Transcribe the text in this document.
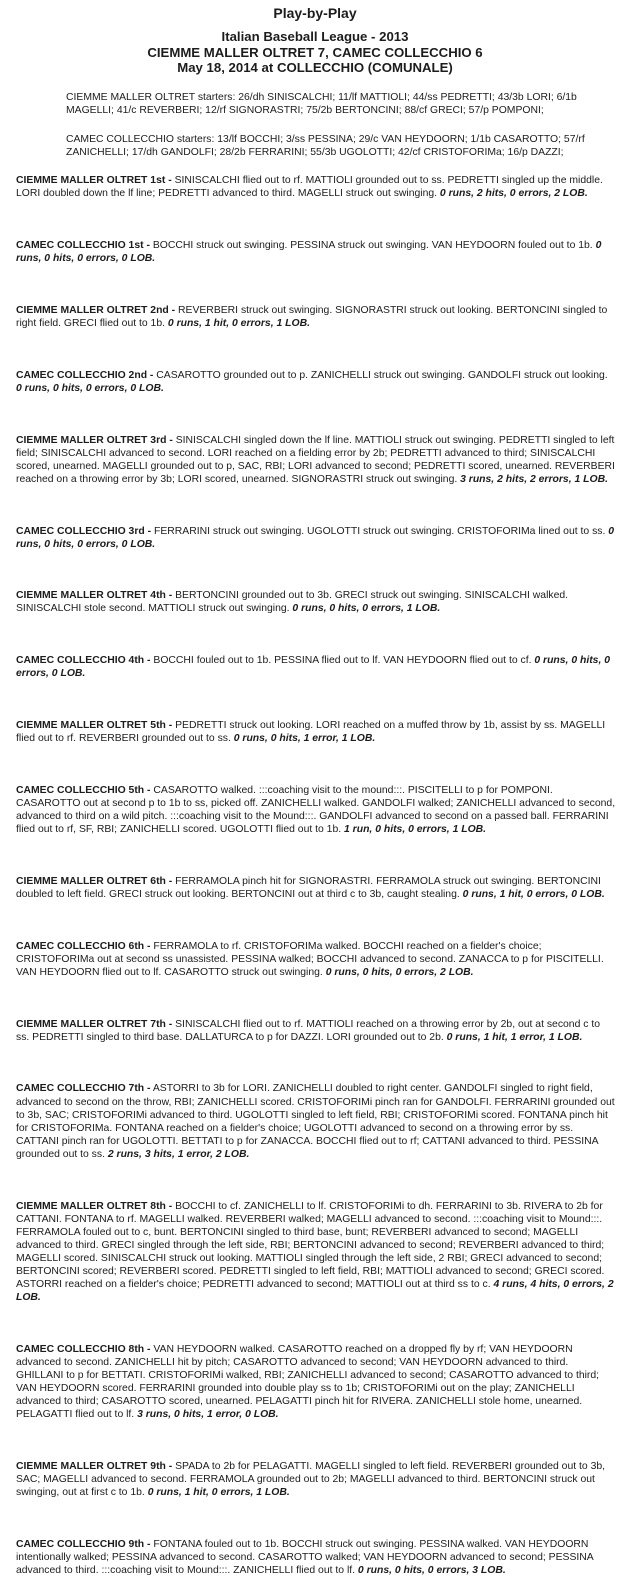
Play-by-Play
Italian Baseball League - 2013
CIEMME MALLER OLTRET 7, CAMEC COLLECCHIO 6
May 18, 2014 at COLLECCHIO (COMUNALE)
CIEMME MALLER OLTRET starters: 26/dh SINISCALCHI; 11/lf MATTIOLI; 44/ss PEDRETTI; 43/3b LORI; 6/1b MAGELLI; 41/c REVERBERI; 12/rf SIGNORASTRI; 75/2b BERTONCINI; 88/cf GRECI; 57/p POMPONI;
CAMEC COLLECCHIO starters: 13/lf BOCCHI; 3/ss PESSINA; 29/c VAN HEYDOORN; 1/1b CASAROTTO; 57/rf ZANICHELLI; 17/dh GANDOLFI; 28/2b FERRARINI; 55/3b UGOLOTTI; 42/cf CRISTOFORIMa; 16/p DAZZI;
CIEMME MALLER OLTRET 1st - SINISCALCHI flied out to rf. MATTIOLI grounded out to ss. PEDRETTI singled up the middle. LORI doubled down the lf line; PEDRETTI advanced to third. MAGELLI struck out swinging. 0 runs, 2 hits, 0 errors, 2 LOB.
CAMEC COLLECCHIO 1st - BOCCHI struck out swinging. PESSINA struck out swinging. VAN HEYDOORN fouled out to 1b. 0 runs, 0 hits, 0 errors, 0 LOB.
CIEMME MALLER OLTRET 2nd - REVERBERI struck out swinging. SIGNORASTRI struck out looking. BERTONCINI singled to right field. GRECI flied out to 1b. 0 runs, 1 hit, 0 errors, 1 LOB.
CAMEC COLLECCHIO 2nd - CASAROTTO grounded out to p. ZANICHELLI struck out swinging. GANDOLFI struck out looking. 0 runs, 0 hits, 0 errors, 0 LOB.
CIEMME MALLER OLTRET 3rd - SINISCALCHI singled down the lf line. MATTIOLI struck out swinging. PEDRETTI singled to left field; SINISCALCHI advanced to second. LORI reached on a fielding error by 2b; PEDRETTI advanced to third; SINISCALCHI scored, unearned. MAGELLI grounded out to p, SAC, RBI; LORI advanced to second; PEDRETTI scored, unearned. REVERBERI reached on a throwing error by 3b; LORI scored, unearned. SIGNORASTRI struck out swinging. 3 runs, 2 hits, 2 errors, 1 LOB.
CAMEC COLLECCHIO 3rd - FERRARINI struck out swinging. UGOLOTTI struck out swinging. CRISTOFORIMa lined out to ss. 0 runs, 0 hits, 0 errors, 0 LOB.
CIEMME MALLER OLTRET 4th - BERTONCINI grounded out to 3b. GRECI struck out swinging. SINISCALCHI walked. SINISCALCHI stole second. MATTIOLI struck out swinging. 0 runs, 0 hits, 0 errors, 1 LOB.
CAMEC COLLECCHIO 4th - BOCCHI fouled out to 1b. PESSINA flied out to lf. VAN HEYDOORN flied out to cf. 0 runs, 0 hits, 0 errors, 0 LOB.
CIEMME MALLER OLTRET 5th - PEDRETTI struck out looking. LORI reached on a muffed throw by 1b, assist by ss. MAGELLI flied out to rf. REVERBERI grounded out to ss. 0 runs, 0 hits, 1 error, 1 LOB.
CAMEC COLLECCHIO 5th - CASAROTTO walked. :::coaching visit to the mound:::. PISCITELLI to p for POMPONI. CASAROTTO out at second p to 1b to ss, picked off. ZANICHELLI walked. GANDOLFI walked; ZANICHELLI advanced to second, advanced to third on a wild pitch. :::coaching visit to the Mound:::. GANDOLFI advanced to second on a passed ball. FERRARINI flied out to rf, SF, RBI; ZANICHELLI scored. UGOLOTTI flied out to 1b. 1 run, 0 hits, 0 errors, 1 LOB.
CIEMME MALLER OLTRET 6th - FERRAMOLA pinch hit for SIGNORASTRI. FERRAMOLA struck out swinging. BERTONCINI doubled to left field. GRECI struck out looking. BERTONCINI out at third c to 3b, caught stealing. 0 runs, 1 hit, 0 errors, 0 LOB.
CAMEC COLLECCHIO 6th - FERRAMOLA to rf. CRISTOFORIMa walked. BOCCHI reached on a fielder's choice; CRISTOFORIMa out at second ss unassisted. PESSINA walked; BOCCHI advanced to second. ZANACCA to p for PISCITELLI. VAN HEYDOORN flied out to lf. CASAROTTO struck out swinging. 0 runs, 0 hits, 0 errors, 2 LOB.
CIEMME MALLER OLTRET 7th - SINISCALCHI flied out to rf. MATTIOLI reached on a throwing error by 2b, out at second c to ss. PEDRETTI singled to third base. DALLATURCA to p for DAZZI. LORI grounded out to 2b. 0 runs, 1 hit, 1 error, 1 LOB.
CAMEC COLLECCHIO 7th - ASTORRI to 3b for LORI. ZANICHELLI doubled to right center. GANDOLFI singled to right field, advanced to second on the throw, RBI; ZANICHELLI scored. CRISTOFORIMi pinch ran for GANDOLFI. FERRARINI grounded out to 3b, SAC; CRISTOFORIMi advanced to third. UGOLOTTI singled to left field, RBI; CRISTOFORIMi scored. FONTANA pinch hit for CRISTOFORIMa. FONTANA reached on a fielder's choice; UGOLOTTI advanced to second on a throwing error by ss. CATTANI pinch ran for UGOLOTTI. BETTATI to p for ZANACCA. BOCCHI flied out to rf; CATTANI advanced to third. PESSINA grounded out to ss. 2 runs, 3 hits, 1 error, 2 LOB.
CIEMME MALLER OLTRET 8th - BOCCHI to cf. ZANICHELLI to lf. CRISTOFORIMi to dh. FERRARINI to 3b. RIVERA to 2b for CATTANI. FONTANA to rf. MAGELLI walked. REVERBERI walked; MAGELLI advanced to second. :::coaching visit to Mound:::. FERRAMOLA fouled out to c, bunt. BERTONCINI singled to third base, bunt; REVERBERI advanced to second; MAGELLI advanced to third. GRECI singled through the left side, RBI; BERTONCINI advanced to second; REVERBERI advanced to third; MAGELLI scored. SINISCALCHI struck out looking. MATTIOLI singled through the left side, 2 RBI; GRECI advanced to second; BERTONCINI scored; REVERBERI scored. PEDRETTI singled to left field, RBI; MATTIOLI advanced to second; GRECI scored. ASTORRI reached on a fielder's choice; PEDRETTI advanced to second; MATTIOLI out at third ss to c. 4 runs, 4 hits, 0 errors, 2 LOB.
CAMEC COLLECCHIO 8th - VAN HEYDOORN walked. CASAROTTO reached on a dropped fly by rf; VAN HEYDOORN advanced to second. ZANICHELLI hit by pitch; CASAROTTO advanced to second; VAN HEYDOORN advanced to third. GHILLANI to p for BETTATI. CRISTOFORIMi walked, RBI; ZANICHELLI advanced to second; CASAROTTO advanced to third; VAN HEYDOORN scored. FERRARINI grounded into double play ss to 1b; CRISTOFORIMi out on the play; ZANICHELLI advanced to third; CASAROTTO scored, unearned. PELAGATTI pinch hit for RIVERA. ZANICHELLI stole home, unearned. PELAGATTI flied out to lf. 3 runs, 0 hits, 1 error, 0 LOB.
CIEMME MALLER OLTRET 9th - SPADA to 2b for PELAGATTI. MAGELLI singled to left field. REVERBERI grounded out to 3b, SAC; MAGELLI advanced to second. FERRAMOLA grounded out to 2b; MAGELLI advanced to third. BERTONCINI struck out swinging, out at first c to 1b. 0 runs, 1 hit, 0 errors, 1 LOB.
CAMEC COLLECCHIO 9th - FONTANA fouled out to 1b. BOCCHI struck out swinging. PESSINA walked. VAN HEYDOORN intentionally walked; PESSINA advanced to second. CASAROTTO walked; VAN HEYDOORN advanced to second; PESSINA advanced to third. :::coaching visit to Mound:::. ZANICHELLI flied out to lf. 0 runs, 0 hits, 0 errors, 3 LOB.
